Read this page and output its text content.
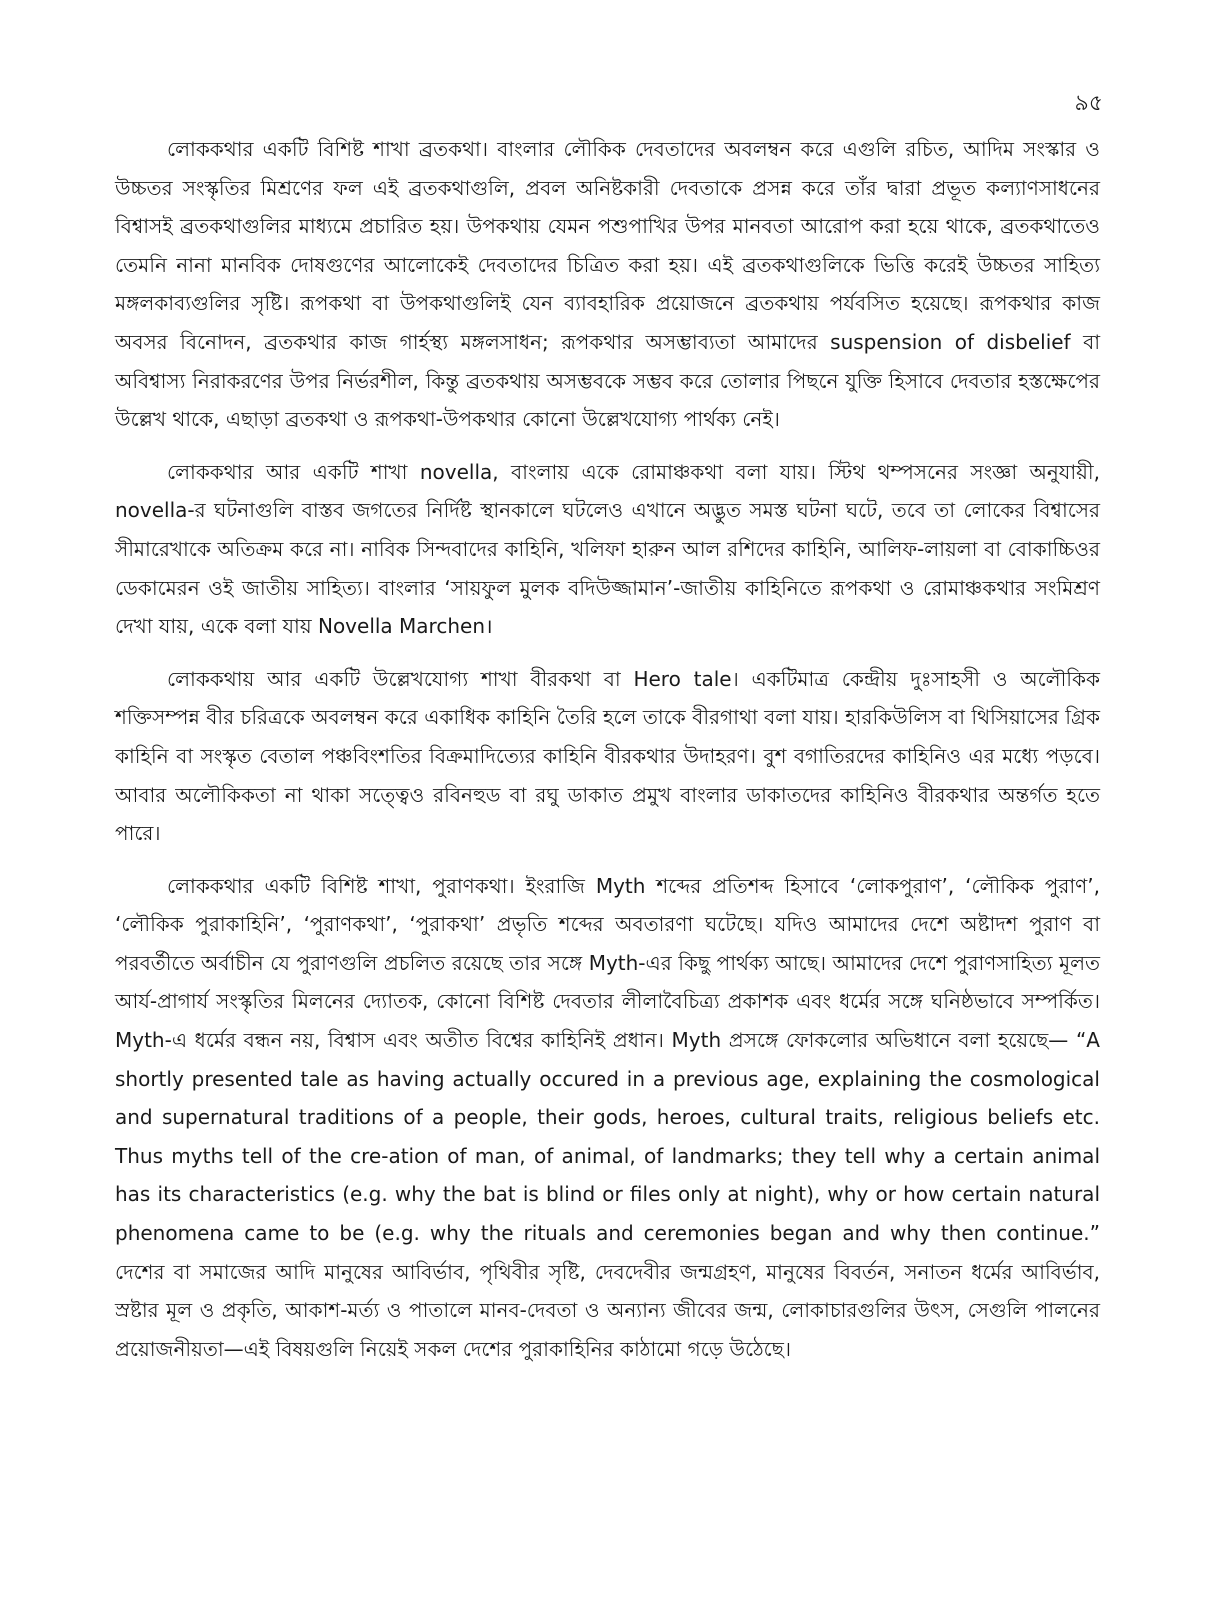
৯৫

লোককথার একটি বিশিষ্ট শাখা ব্রতকথা। বাংলার লৌকিক দেবতাদের অবলম্বন করে এগুলি রচিত, আদিম সংস্কার ও উচ্চতর সংস্কৃতির মিশ্রণের ফল এই ব্রতকথাগুলি, প্রবল অনিষ্টকারী দেবতাকে প্রসন্ন করে তাঁর দ্বারা প্রভূত কল্যাণসাধনের বিশ্বাসই ব্রতকথাগুলির মাধ্যমে প্রচারিত হয়। উপকথায় যেমন পশুপাখির উপর মানবতা আরোপ করা হয়ে থাকে, ব্রতকথাতেও তেমনি নানা মানবিক দোষগুণের আলোকেই দেবতাদের চিত্রিত করা হয়। এই ব্রতকথাগুলিকে ভিত্তি করেই উচ্চতর সাহিত্য মঙ্গলকাব্যগুলির সৃষ্টি। রূপকথা বা উপকথাগুলিই যেন ব্যাবহারিক প্রয়োজনে ব্রতকথায় পর্যবসিত হয়েছে। রূপকথার কাজ অবসর বিনোদন, ব্রতকথার কাজ গার্হস্থ্য মঙ্গলসাধন; রূপকথার অসম্ভাব্যতা আমাদের suspension of disbelief বা অবিশ্বাস্য নিরাকরণের উপর নির্ভরশীল, কিন্তু ব্রতকথায় অসম্ভবকে সম্ভব করে তোলার পিছনে যুক্তি হিসাবে দেবতার হস্তক্ষেপের উল্লেখ থাকে, এছাড়া ব্রতকথা ও রূপকথা-উপকথার কোনো উল্লেখযোগ্য পার্থক্য নেই।

লোককথার আর একটি শাখা novella, বাংলায় একে রোমাঞ্চকথা বলা যায়। স্টিথ থম্পসনের সংজ্ঞা অনুযায়ী, novella-র ঘটনাগুলি বাস্তব জগতের নির্দিষ্ট স্থানকালে ঘটলেও এখানে অদ্ভুত সমস্ত ঘটনা ঘটে, তবে তা লোকের বিশ্বাসের সীমারেখাকে অতিক্রম করে না। নাবিক সিন্দবাদের কাহিনি, খলিফা হারুন আল রশিদের কাহিনি, আলিফ-লায়লা বা বোকাচ্চিওর ডেকামেরন ওই জাতীয় সাহিত্য। বাংলার ‘সায়ফুল মুলক বদিউজ্জামান’-জাতীয় কাহিনিতে রূপকথা ও রোমাঞ্চকথার সংমিশ্রণ দেখা যায়, একে বলা যায় Novella Marchen।

লোককথায় আর একটি উল্লেখযোগ্য শাখা বীরকথা বা Hero tale। একটিমাত্র কেন্দ্রীয় দুঃসাহসী ও অলৌকিক শক্তিসম্পন্ন বীর চরিত্রকে অবলম্বন করে একাধিক কাহিনি তৈরি হলে তাকে বীরগাথা বলা যায়। হারকিউলিস বা থিসিয়াসের গ্রিক কাহিনি বা সংস্কৃত বেতাল পঞ্চবিংশতির বিক্রমাদিত্যের কাহিনি বীরকথার উদাহরণ। বুশ বগাতিরদের কাহিনিও এর মধ্যে পড়বে। আবার অলৌকিকতা না থাকা সত্ত্বেও রবিনহুড বা রঘু ডাকাত প্রমুখ বাংলার ডাকাতদের কাহিনিও বীরকথার অন্তর্গত হতে পারে।

লোককথার একটি বিশিষ্ট শাখা, পুরাণকথা। ইংরাজি Myth শব্দের প্রতিশব্দ হিসাবে ‘লোকপুরাণ’, ‘লৌকিক পুরাণ’, ‘লৌকিক পুরাকাহিনি’, ‘পুরাণকথা’, ‘পুরাকথা’ প্রভৃতি শব্দের অবতারণা ঘটেছে। যদিও আমাদের দেশে অষ্টাদশ পুরাণ বা পরবর্তীতে অর্বাচীন যে পুরাণগুলি প্রচলিত রয়েছে তার সঙ্গে Myth-এর কিছু পার্থক্য আছে। আমাদের দেশে পুরাণসাহিত্য মূলত আর্য-প্রাগার্য সংস্কৃতির মিলনের দ্যোতক, কোনো বিশিষ্ট দেবতার লীলাবৈচিত্র্য প্রকাশক এবং ধর্মের সঙ্গে ঘনিষ্ঠভাবে সম্পর্কিত। Myth-এ ধর্মের বন্ধন নয়, বিশ্বাস এবং অতীত বিশ্বের কাহিনিই প্রধান। Myth প্রসঙ্গে ফোকলোর অভিধানে বলা হয়েছে— “A shortly presented tale as having actually occured in a previous age, explaining the cosmological and supernatural traditions of a people, their gods, heroes, cultural traits, religious beliefs etc. Thus myths tell of the cre-ation of man, of animal, of landmarks; they tell why a certain animal has its characteristics (e.g. why the bat is blind or files only at night), why or how certain natural phenomena came to be (e.g. why the rituals and ceremonies began and why then continue.” দেশের বা সমাজের আদি মানুষের আবির্ভাব, পৃথিবীর সৃষ্টি, দেবদেবীর জন্মগ্রহণ, মানুষের বিবর্তন, সনাতন ধর্মের আবির্ভাব, স্রষ্টার মূল ও প্রকৃতি, আকাশ-মর্ত্য ও পাতালে মানব-দেবতা ও অন্যান্য জীবের জন্ম, লোকাচারগুলির উৎস, সেগুলি পালনের প্রয়োজনীয়তা—এই বিষয়গুলি নিয়েই সকল দেশের পুরাকাহিনির কাঠামো গড়ে উঠেছে।
